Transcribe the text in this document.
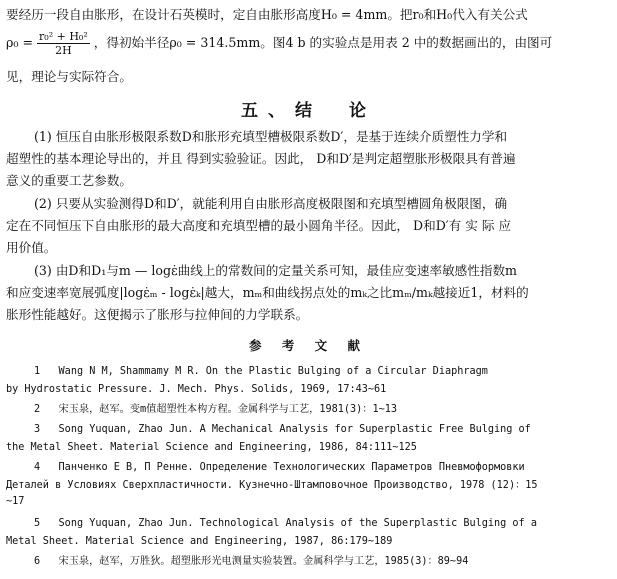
要经历一段自由胀形，在设计石英模时，定自由胀形高度H₀ = 4mm。把r₀和H₀代入有关公式
$\rho_0 = \frac{\text{r₀² + H₀²}}{2H}$ ，得初始半径ρ₀ = 314.5mm。图4 b 的实验点是用表 2 中的数据画出的，由图可
见，理论与实际符合。
五、结　论
(1) 恒压自由胀形极限系数D和胀形充填型槽极限系数D′，是基于连续介质塑性力学和
超塑性的基本理论导出的，并且 得到实验验证。因此， D和D′是判定超塑胀形极限具有普遍
意义的重要工艺参数。
(2) 只要从实验测得D和D′，就能利用自由胀形高度极限图和充填型槽圆角极限图，确
定在不同恒压下自由胀形的最大高度和充填型槽的最小圆角半径。因此， D和D′有 实 际 应
用价值。
(3) 由D和D₁与m — logε̇曲线上的常数间的定量关系可知，最佳应变速率敏感性指数m
和应变速率宽展弧度|logε̇ₘ - logε̇ₖ|越大，mₘ和曲线拐点处的mₖ之比mₘ/mₖ越接近1，材料的
胀形性能越好。这便揭示了胀形与拉伸间的力学联系。
参 考 文 献
1 Wang N M, Shammamy M R. On the Plastic Bulging of a Circular Diaphragm
by Hydrostatic Pressure. J. Mech. Phys. Solids, 1969, 17:43~61
2 宋玉泉，赵军。变m值超塑性本构方程。金属科学与工艺，1981(3)：1~13
3 Song Yuquan, Zhao Jun. A Mechanical Analysis for Superplastic Free Bulging of
the Metal Sheet. Material Science and Engineering, 1986, 84:111~125
4 Панченко Е В, П Ренне. Определение Технологических Параметров Пневмоформовки
Деталей в Условиях Сверхпластичности. Кузнечно-Штамповочное Производство, 1978 (12)：15
~17
5 Song Yuquan, Zhao Jun. Technological Analysis of the Superplastic Bulging of a
Metal Sheet. Material Science and Engineering, 1987, 86:179~189
6 宋玉泉，赵军，万胜狄。超塑胀形光电测量实验装置。金属科学与工艺，1985(3)：89~94
